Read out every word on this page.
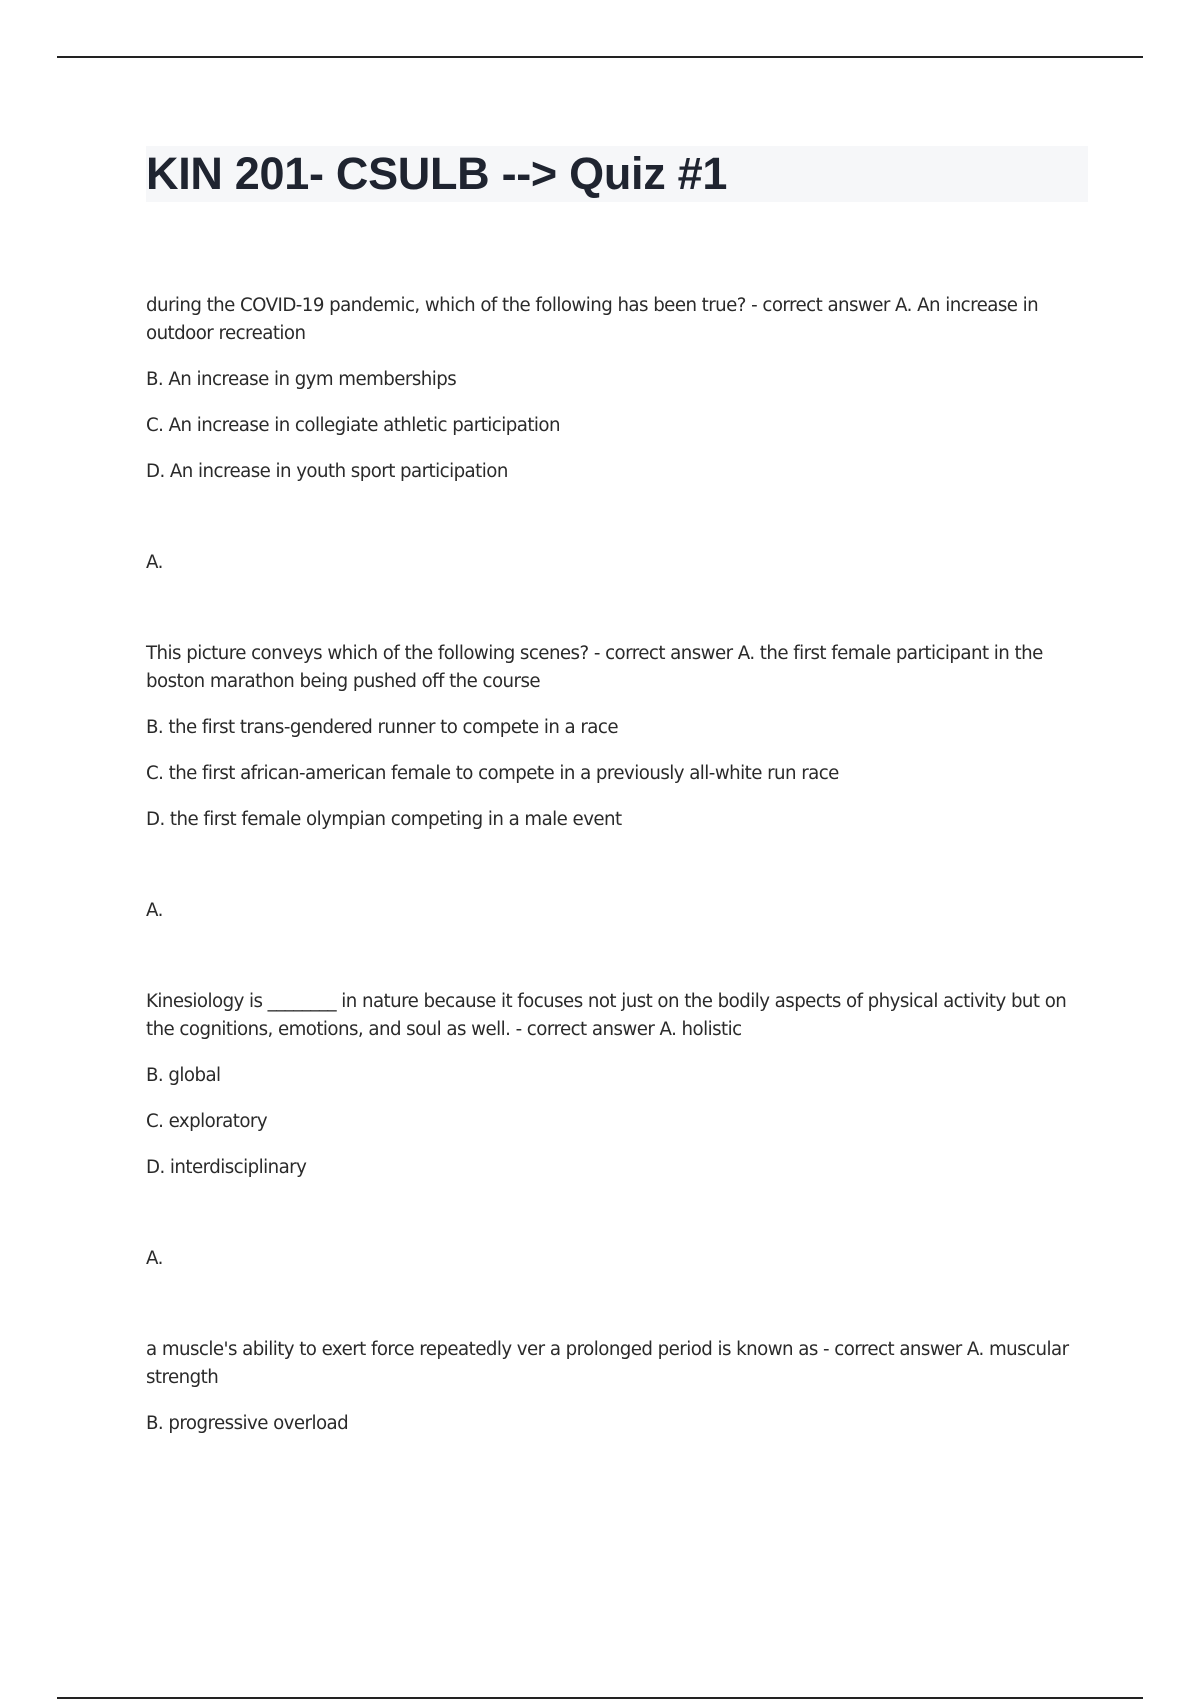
KIN 201- CSULB --> Quiz #1

during the COVID-19 pandemic, which of the following has been true? - correct answer A. An increase in outdoor recreation

B. An increase in gym memberships

C. An increase in collegiate athletic participation

D. An increase in youth sport participation

A.

This picture conveys which of the following scenes? - correct answer A. the first female participant in the boston marathon being pushed off the course

B. the first trans-gendered runner to compete in a race

C. the first african-american female to compete in a previously all-white run race

D. the first female olympian competing in a male event

A.

Kinesiology is ________ in nature because it focuses not just on the bodily aspects of physical activity but on the cognitions, emotions, and soul as well. - correct answer A. holistic

B. global

C. exploratory

D. interdisciplinary

A.

a muscle's ability to exert force repeatedly ver a prolonged period is known as - correct answer A. muscular strength

B. progressive overload
